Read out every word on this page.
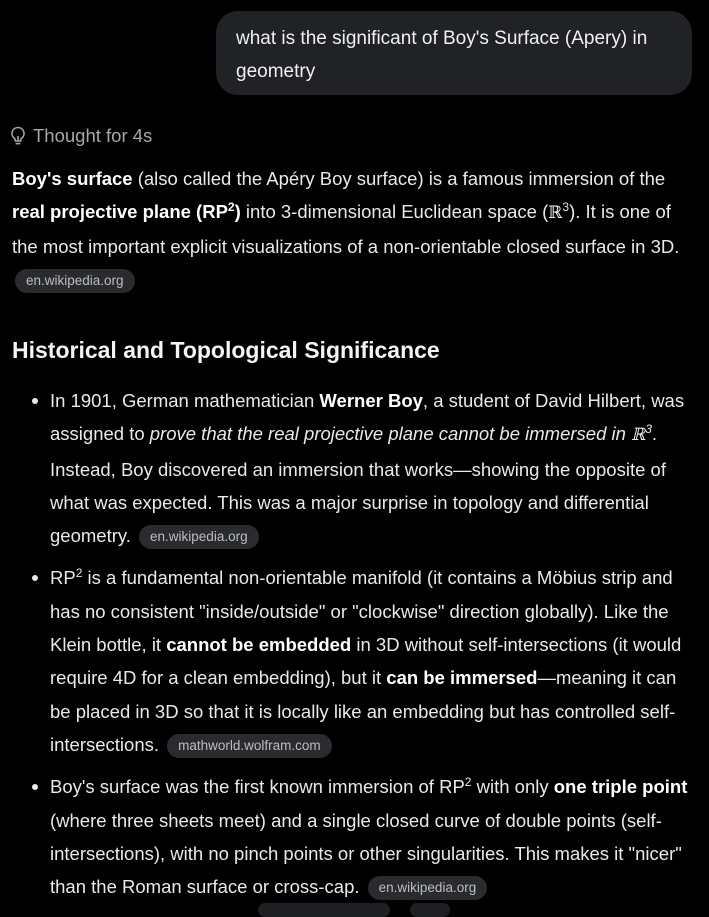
what is the significant of Boy's Surface (Apery) in geometry
Thought for 4s

Boy's surface (also called the Apéry Boy surface) is a famous immersion of the real projective plane $(RP^2)$ into 3-dimensional Euclidean space (ℝ$^3$). It is one of the most important explicit visualizations of a non-orientable closed surface in 3D. en.wikipedia.org

Historical and Topological Significance
In 1901, German mathematician Werner Boy, a student of David Hilbert, was assigned to prove that the real projective plane cannot be immersed in ℝ$^3$. Instead, Boy discovered an immersion that works—showing the opposite of what was expected. This was a major surprise in topology and differential geometry. en.wikipedia.org
$RP^2$ is a fundamental non-orientable manifold (it contains a Möbius strip and has no consistent "inside/outside" or "clockwise" direction globally). Like the Klein bottle, it cannot be embedded in 3D without self-intersections (it would require 4D for a clean embedding), but it can be immersed—meaning it can be placed in 3D so that it is locally like an embedding but has controlled self-intersections. mathworld.wolfram.com
Boy's surface was the first known immersion of $RP^2$ with only one triple point (where three sheets meet) and a single closed curve of double points (self-intersections), with no pinch points or other singularities. This makes it "nicer" than the Roman surface or cross-cap. en.wikipedia.org
